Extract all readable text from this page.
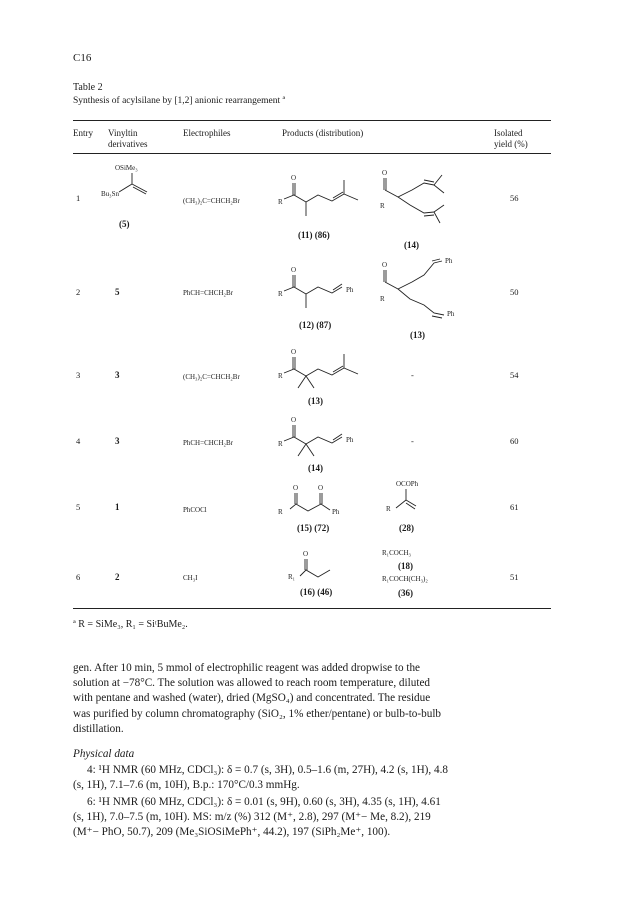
C16
Table 2
Synthesis of acylsilane by [1,2] anionic rearrangement ª
Entry Vinyltin
derivatives
Electrophiles	Products (distribution)	Isolated
yield (%)
1
OSiMe₃
Bu₃Sn
(5)
(CH₃)₂C=CHCH₂Br
O
R
(11) (86)
O
R
(14)
56
2	5	PhCH=CHCH₂Br
O
R	Ph
(12) (87)
O	Ph
Ph
R
(13)
50
3	3	(CH₃)₂C=CHCH₂Br
O
R	-
(13)
54
4	3	PhCH=CHCH₂Br
O
R	Ph	-
(14)
60
5	1	PhCOCl
O	O
R	Ph
(15) (72)
OCOPh
R
(28)
61
6	2	CH₃I
O
R₁
(16) (46)
R₁COCH₃
(18)
R₁COCH(CH₃)₂
(36)
51
ª R = SiMe₃, R₁ = SiᵗBuMe₂.
gen. After 10 min, 5 mmol of electrophilic reagent was added dropwise to the
solution at −78°C. The solution was allowed to reach room temperature, diluted
with pentane and washed (water), dried (MgSO₄) and concentrated. The residue
was purified by column chromatography (SiO₂, 1% ether/pentane) or bulb-to-bulb
distillation.
Physical data
4: ¹H NMR (60 MHz, CDCl₃): δ = 0.7 (s, 3H), 0.5–1.6 (m, 27H), 4.2 (s, 1H), 4.8
(s, 1H), 7.1–7.6 (m, 10H), B.p.: 170°C/0.3 mmHg.
6: ¹H NMR (60 MHz, CDCl₃): δ = 0.01 (s, 9H), 0.60 (s, 3H), 4.35 (s, 1H), 4.61
(s, 1H), 7.0–7.5 (m, 10H). MS: m/z (%) 312 (M⁺, 2.8), 297 (M⁺− Me, 8.2), 219
(M⁺− PhO, 50.7), 209 (Me₃SiOSiMePh⁺, 44.2), 197 (SiPh₂Me⁺, 100).
